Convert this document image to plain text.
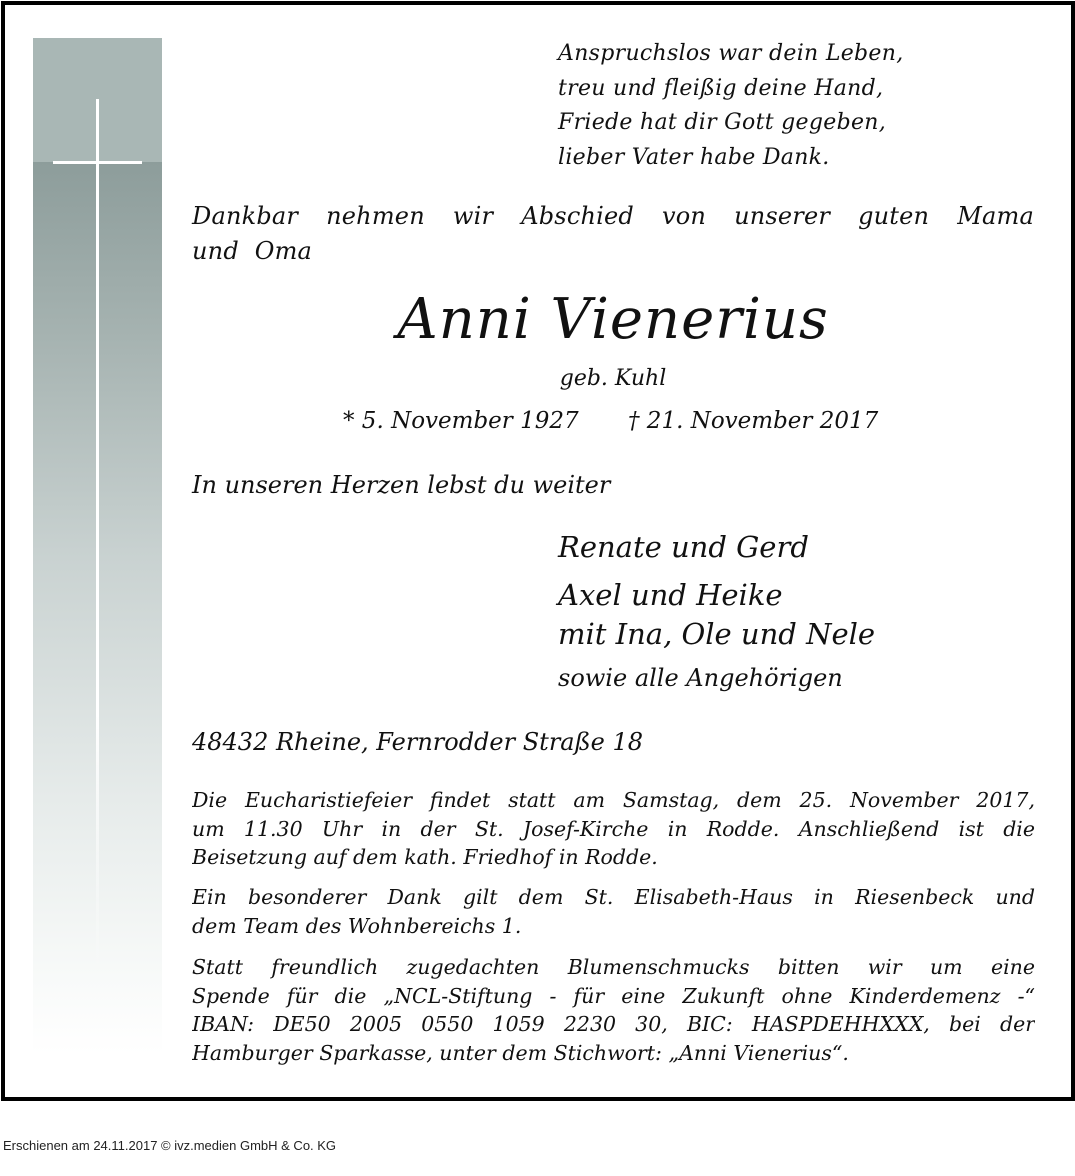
Anspruchslos war dein Leben,
treu und fleißig deine Hand,
Friede hat dir Gott gegeben,
lieber Vater habe Dank.
Dankbar nehmen wir Abschied von unserer guten Mama
und Oma
Anni Vienerius
geb. Kuhl
* 5. November 1927 † 21. November 2017
In unseren Herzen lebst du weiter
Renate und Gerd
Axel und Heike
mit Ina, Ole und Nele
sowie alle Angehörigen
48432 Rheine, Fernrodder Straße 18
Die Eucharistiefeier findet statt am Samstag, dem 25. November 2017,
um 11.30 Uhr in der St. Josef-Kirche in Rodde. Anschließend ist die
Beisetzung auf dem kath. Friedhof in Rodde.
Ein besonderer Dank gilt dem St. Elisabeth-Haus in Riesenbeck und
dem Team des Wohnbereichs 1.
Statt freundlich zugedachten Blumenschmucks bitten wir um eine
Spende für die „NCL-Stiftung - für eine Zukunft ohne Kinderdemenz -“
IBAN: DE50 2005 0550 1059 2230 30, BIC: HASPDEHHXXX, bei der
Hamburger Sparkasse, unter dem Stichwort: „Anni Vienerius“.
Erschienen am 24.11.2017 © ivz.medien GmbH & Co. KG
